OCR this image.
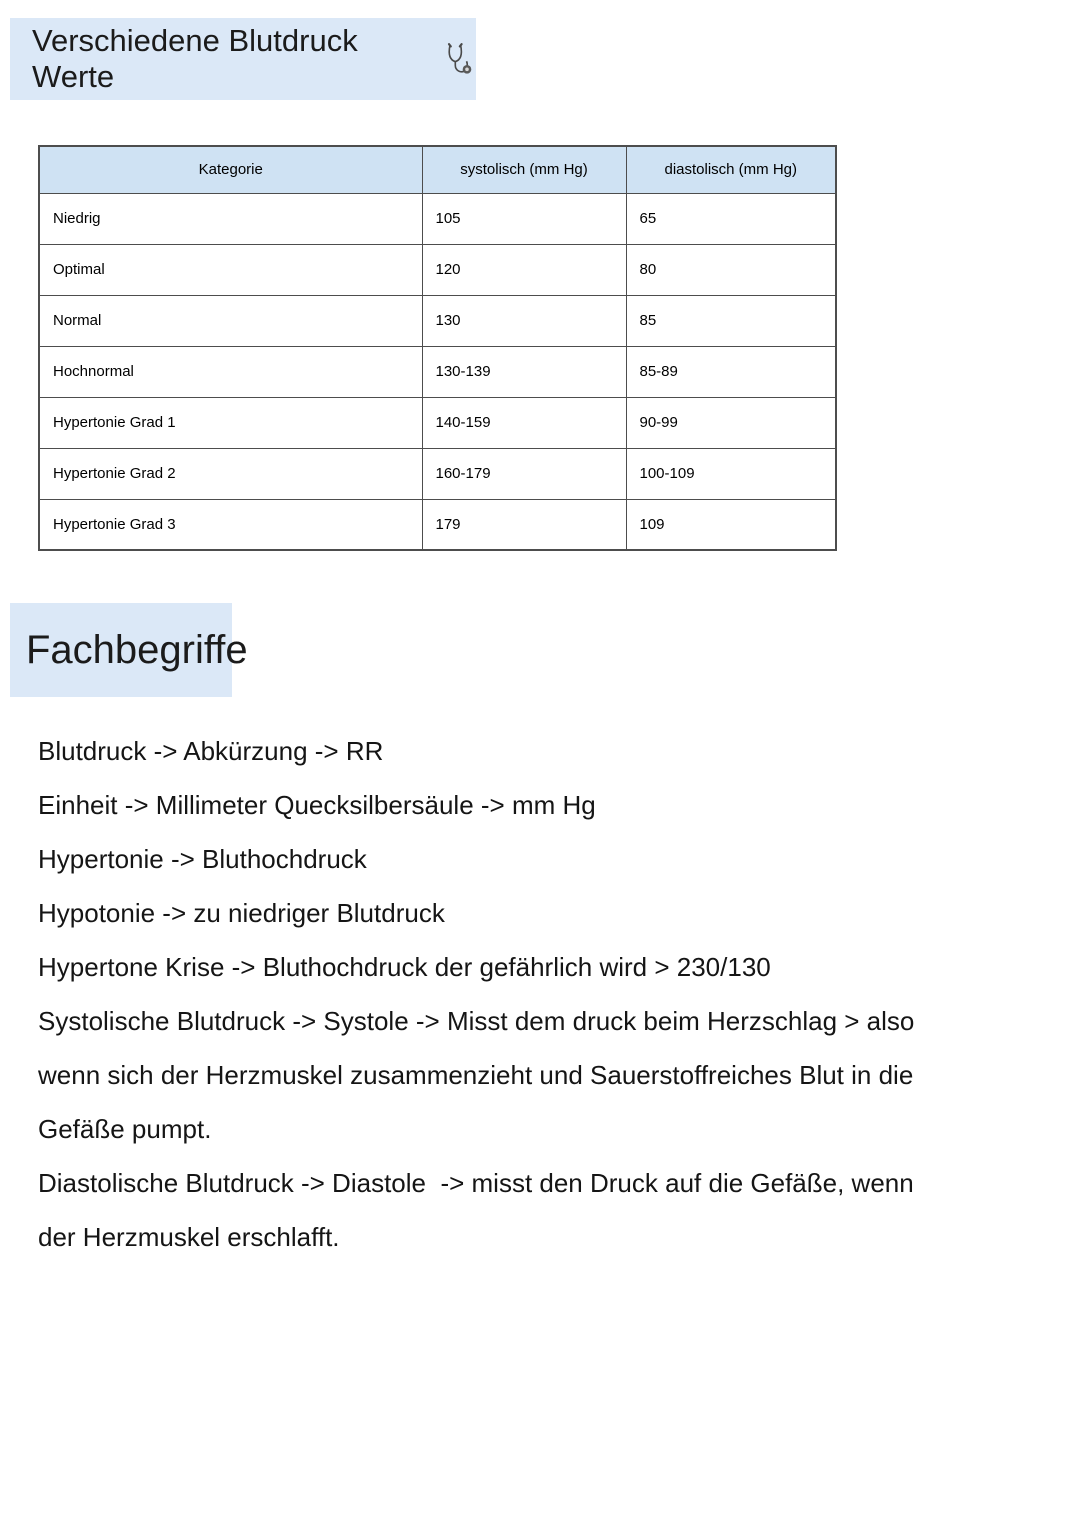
Verschiedene Blutdruck Werte
Kategorie	systolisch (mm Hg)	diastolisch (mm Hg)
Niedrig	105	65
Optimal	120	80
Normal	130	85
Hochnormal	130-139	85-89
Hypertonie Grad 1	140-159	90-99
Hypertonie Grad 2	160-179	100-109
Hypertonie Grad 3	179	109
Fachbegriffe
Blutdruck -> Abkürzung -> RR
Einheit -> Millimeter Quecksilbersäule -> mm Hg
Hypertonie -> Bluthochdruck
Hypotonie -> zu niedriger Blutdruck
Hypertone Krise -> Bluthochdruck der gefährlich wird > 230/130
Systolische Blutdruck -> Systole -> Misst dem druck beim Herzschlag > also
wenn sich der Herzmuskel zusammenzieht und Sauerstoffreiches Blut in die
Gefäße pumpt.
Diastolische Blutdruck -> Diastole  -> misst den Druck auf die Gefäße, wenn
der Herzmuskel erschlafft.
